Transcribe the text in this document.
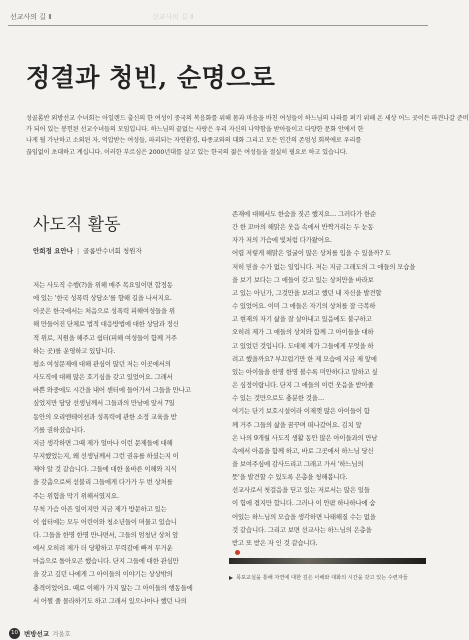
선교사의 길 Ⅱ	선교사의 길 Ⅱ
정결과 청빈, 순명으로
성골롬반 외방선교 수녀회는 아일랜드 출신의 한 여성이 중국의 복음화를 위해 몸과 마음을 바친 여성들이 하느님의 나라를 펴기 위해 온 세상 어느 곳이든 파견나갈 준비
가 되어 있는 봉헌된 선교수녀들의 모임입니다. 하느님의 끝없는 사랑은 우리 자신의 나약함을 받아들이고 다양한 문화 안에서 한
나게 될 가난하고 소외된 자, 억압받는 여성들, 파괴되는 자연환경, 타종교와의 대화 그리고 모든 인간의 존엄성 회복에로 우리를
끊임없이 초대하고 계십니다. 이러한 부르심은 2000년대를 살고 있는 한국의 젊은 여성들을 절실히 필요로 하고 있습니다.
사도직 활동
안희정 요안나 | 골롬반수녀회 청원자
저는 사도직 수행(?)을 위해 매주 목요일이면 합정동
에 있는 '한국 성폭력 상담소'를 향해 길을 나서지요.
이곳은 한국에서는 처음으로 성폭력 피해여성들을 위
해 만들어진 단체로 법적 대응방법에 대한 상담과 정신
적 위로, 지원을 해주고 쉼터(피해 여성들이 함께 거주
하는 곳)를 운영하고 있답니다.
평소 여성문제에 대해 관심이 많던 저는 이곳에서의
사도직에 대해 많은 호기심을 갖고 있었어요. 그래서
바쁜 와중에도 시간을 내어 센터에 들어가서 그들을 만나고
싶었지만 담당 선생님께서 그들과의 만남에 앞서 7일
동안의 오리엔테이션과 성폭력에 관한 소정 교육을 받
기를 권하셨습니다.
지금 생각하면 그때 제가 얼마나 이런 문제들에 대해
무지했었는지, 왜 선생님께서 그런 권유를 하셨는지 이
제야 알 것 같습니다. 그들에 대한 올바른 이해와 지식
을 갖춤으로써 섣불리 그들에게 다가가 두 번 상처를
주는 위험을 막기 위해서였지요.
무척 가슴 아픈 일이지만 지금 제가 방문하고 있는
이 쉼터에는 모두 어린이와 청소년들이 머물고 있습니
다. 그들을 한명 한명 만나면서, 그들의 엄청난 상처 앞
에서 오히려 제가 더 당황하고 무력감에 빠져 무거운
마음으로 돌아오곤 했습니다. 단지 그들에 대한 관심만
을 갖고 깊던 나에게 그 아이들의 이야기는 상상밖의
충격이었어요. 때로 이해가 가지 않는 그 아이들의 행동들에
서 어쩔 줄 몰라하기도 하고 그래서 있으나마나 했던 나의
존재에 대해서도 한숨을 짓곤 했지요… 그러다가 한순
간 한 꼬마의 해맑은 웃음 속에서 반짝거리는 두 눈동
자가 저의 가슴에 빛처럼 다가왔어요.
어렵 저렇게 해맑은 얼굴이 많은 상처를 입을 수 있을까? 도
저히 믿을 수가 없는 일입니다. 저는 지금 그래도의 그 애들의 모습을
을 보기 보다는 그 애들이 갖고 있는 상처만을 바라보
고 있는 아닌가, 그것만을 보려고 했던 내 자신을 발견할
수 있었어요. 이미 그 애들은 자기의 상처를 잘 극복하
고 현재의 자기 삶을 잘 살아내고 있음에도 불구하고
오히려 제가 그 애들의 상처와 함께 그 아이들을 대하
고 있었던 것입니다. 도대체 제가 그들에게 무엇을 하
려고 했을까요? 부끄럽기만 한 제 모습에 지금 제 앞에
있는 아이들을 한명 한명 볼수록 미안하다고 말하고 싶
은 심정이랍니다. 단지 그 애들의 이런 웃음을 받아줄
수 있는 것만으로도 충분한 것을…
여기는 단기 보호시설이라 이제껏 많은 아이들이 함
께 거주 그들의 삶을 꿈꾸며 떠나갔어요. 김치 앞
은 나의 9개월 사도직 생활 동안 많은 아이들과의 만남
속에서 아픔을 함께 하고, 바로 그곳에서 하느님 당신
을 보여주심에 감사드리고 그래고 가서 '하느님의
뜻'을 발견할 수 있도록 은총을 청해봅니다.
선교사로서 첫걸음을 딛고 있는 저로서는 많은 일들
이 힘에 겹지만 합니다. 그러나 이 안팎 하나하나에 숨
어있는 하느님의 모습을 생각하면 나태해질 수는 없을
것 같습니다. 그리고 보면 선교사는 하느님의 은총을
받고 또 받은 자 인 것 같습니다.
목포교실을 통해 자연에 대한 깊은 이해와 대화의 시간을 갖고 있는 수련자들
10 변방선교 겨울호
